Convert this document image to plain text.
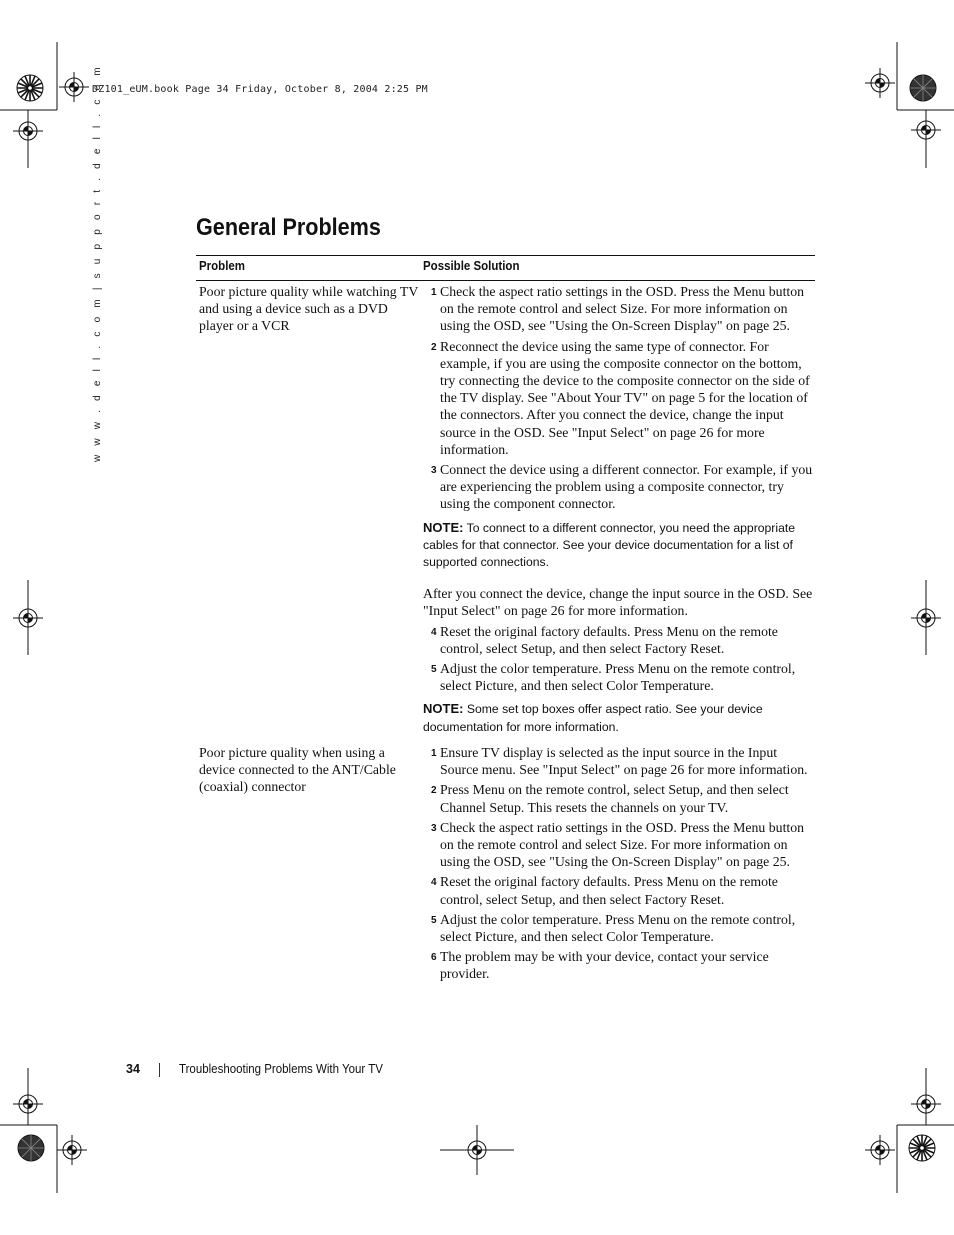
DZ101_eUM.book Page 34 Friday, October 8, 2004 2:25 PM
w w w . d e l l . c o m | s u p p o r t . d e l l . c o m	General Problems
Problem	Possible Solution
Poor picture quality while watching TV and using a device such as a DVD player or a VCR
1 Check the aspect ratio settings in the OSD. Press the Menu button on the remote control and select Size. For more information on using the OSD, see "Using the On-Screen Display" on page 25.
2 Reconnect the device using the same type of connector. For example, if you are using the composite connector on the bottom, try connecting the device to the composite connector on the side of the TV display. See "About Your TV" on page 5 for the location of the connectors. After you connect the device, change the input source in the OSD. See "Input Select" on page 26 for more information.
3 Connect the device using a different connector. For example, if you are experiencing the problem using a composite connector, try using the component connector.
NOTE: To connect to a different connector, you need the appropriate cables for that connector. See your device documentation for a list of supported connections.
After you connect the device, change the input source in the OSD. See "Input Select" on page 26 for more information.
4 Reset the original factory defaults. Press Menu on the remote control, select Setup, and then select Factory Reset.
5 Adjust the color temperature. Press Menu on the remote control, select Picture, and then select Color Temperature.
NOTE: Some set top boxes offer aspect ratio. See your device documentation for more information.
Poor picture quality when using a device connected to the ANT/Cable (coaxial) connector
1 Ensure TV display is selected as the input source in the Input Source menu. See "Input Select" on page 26 for more information.
2 Press Menu on the remote control, select Setup, and then select Channel Setup. This resets the channels on your TV.
3 Check the aspect ratio settings in the OSD. Press the Menu button on the remote control and select Size. For more information on using the OSD, see "Using the On-Screen Display" on page 25.
4 Reset the original factory defaults. Press Menu on the remote control, select Setup, and then select Factory Reset.
5 Adjust the color temperature. Press Menu on the remote control, select Picture, and then select Color Temperature.
6 The problem may be with your device, contact your service provider.
34	Troubleshooting Problems With Your TV
